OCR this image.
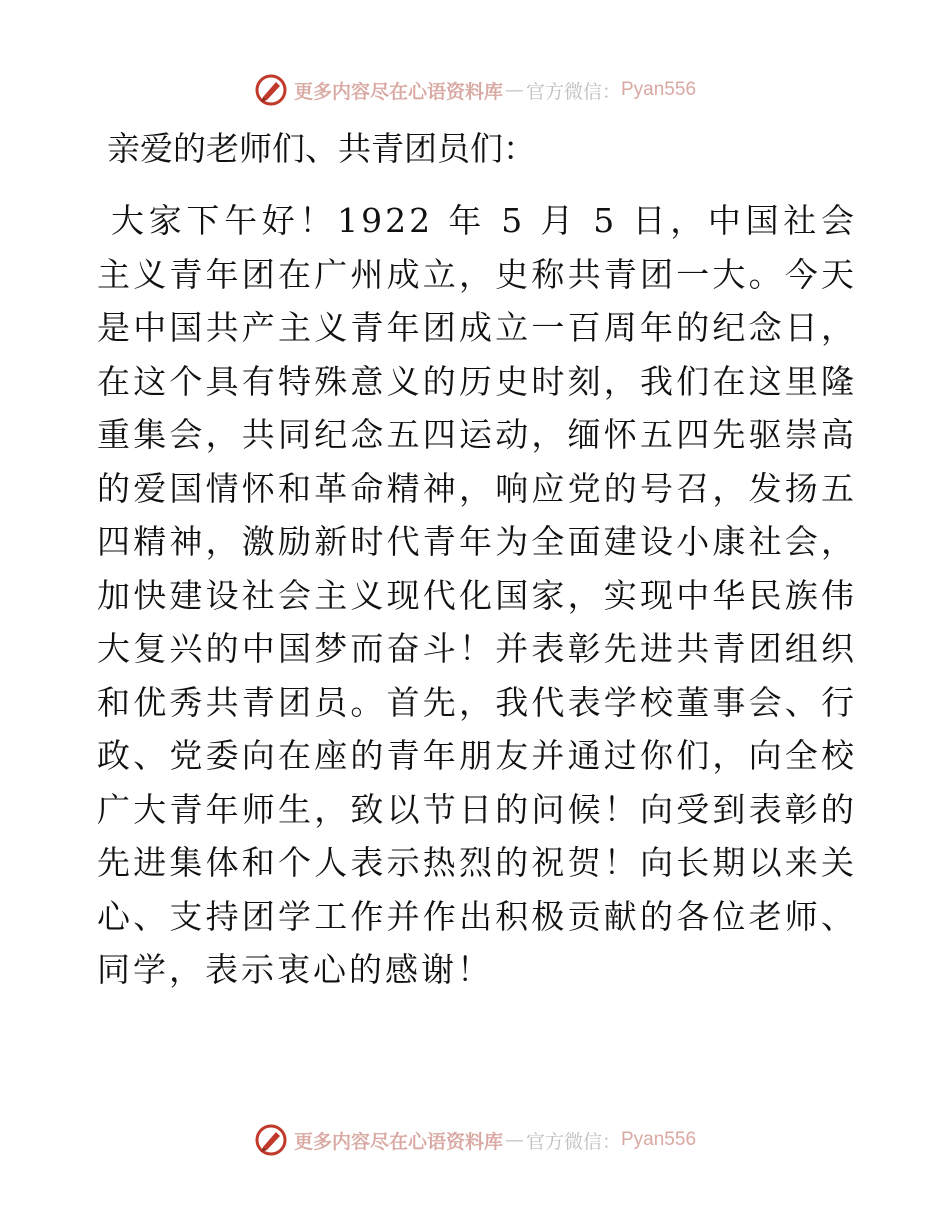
更多内容尽在心语资料库 — 官方微信： Pyan556
亲爱的老师们、共青团员们：

大家下午好！1922 年 5 月 5 日，中国社会主义青年团在广州成立，史称共青团一大。今天是中国共产主义青年团成立一百周年的纪念日，在这个具有特殊意义的历史时刻，我们在这里隆重集会，共同纪念五四运动，缅怀五四先驱崇高的爱国情怀和革命精神，响应党的号召，发扬五四精神，激励新时代青年为全面建设小康社会，加快建设社会主义现代化国家，实现中华民族伟大复兴的中国梦而奋斗！并表彰先进共青团组织和优秀共青团员。首先，我代表学校董事会、行政、党委向在座的青年朋友并通过你们，向全校广大青年师生，致以节日的问候！向受到表彰的先进集体和个人表示热烈的祝贺！向长期以来关心、支持团学工作并作出积极贡献的各位老师、同学，表示衷心的感谢！

更多内容尽在心语资料库 — 官方微信： Pyan556
